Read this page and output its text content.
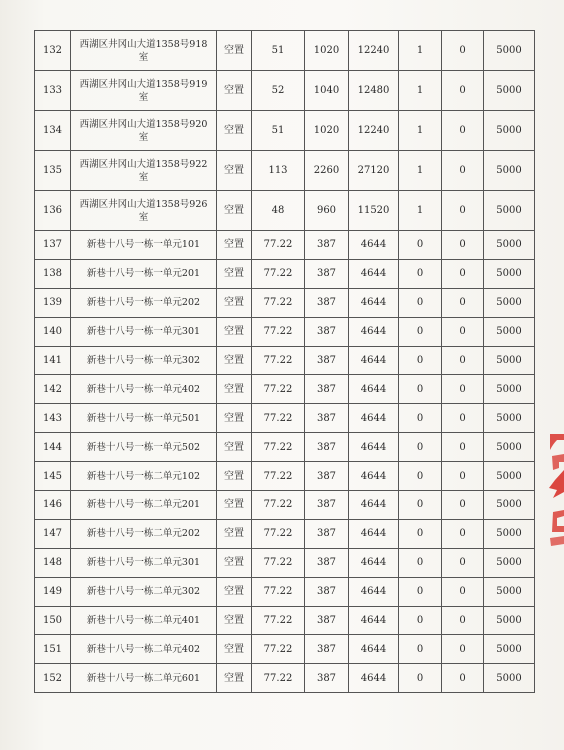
132	西湖区井冈山大道1358号918室	空置	51	1020	12240	1	0	5000
133	西湖区井冈山大道1358号919室	空置	52	1040	12480	1	0	5000
134	西湖区井冈山大道1358号920室	空置	51	1020	12240	1	0	5000
135	西湖区井冈山大道1358号922室	空置	113	2260	27120	1	0	5000
136	西湖区井冈山大道1358号926室	空置	48	960	11520	1	0	5000
137	新巷十八号一栋一单元101	空置	77.22	387	4644	0	0	5000
138	新巷十八号一栋一单元201	空置	77.22	387	4644	0	0	5000
139	新巷十八号一栋一单元202	空置	77.22	387	4644	0	0	5000
140	新巷十八号一栋一单元301	空置	77.22	387	4644	0	0	5000
141	新巷十八号一栋一单元302	空置	77.22	387	4644	0	0	5000
142	新巷十八号一栋一单元402	空置	77.22	387	4644	0	0	5000
143	新巷十八号一栋一单元501	空置	77.22	387	4644	0	0	5000
144	新巷十八号一栋一单元502	空置	77.22	387	4644	0	0	5000
145	新巷十八号一栋二单元102	空置	77.22	387	4644	0	0	5000
146	新巷十八号一栋二单元201	空置	77.22	387	4644	0	0	5000
147	新巷十八号一栋二单元202	空置	77.22	387	4644	0	0	5000
148	新巷十八号一栋二单元301	空置	77.22	387	4644	0	0	5000
149	新巷十八号一栋二单元302	空置	77.22	387	4644	0	0	5000
150	新巷十八号一栋二单元401	空置	77.22	387	4644	0	0	5000
151	新巷十八号一栋二单元402	空置	77.22	387	4644	0	0	5000
152	新巷十八号一栋二单元601	空置	77.22	387	4644	0	0	5000
